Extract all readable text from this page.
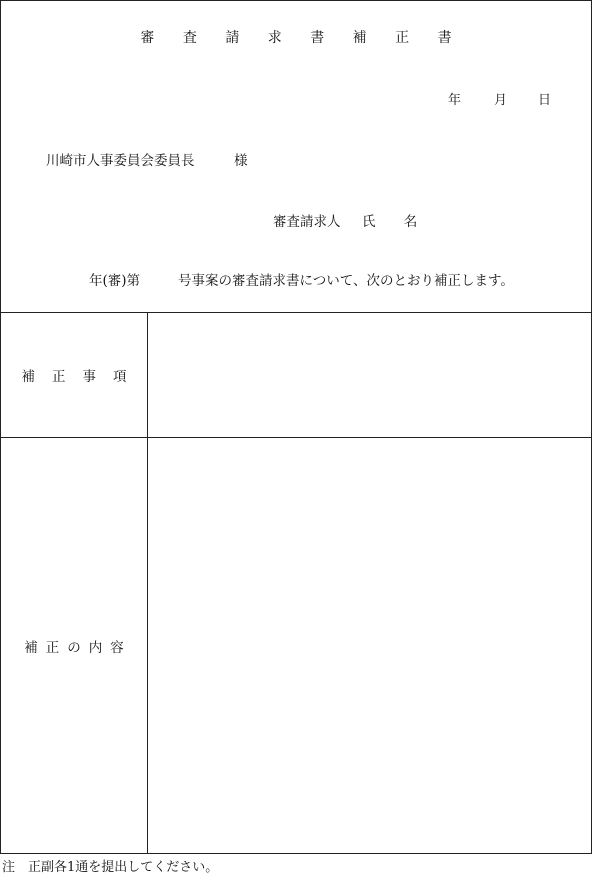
審 査 請 求 書 補 正 書
年	月 日
川崎市人事委員会委員長	様
審査請求人 氏 名
年(審)第	号事案の審査請求書について、次のとおり補正します。
補正事項
補正の内容
注　正副各1通を提出してください。
